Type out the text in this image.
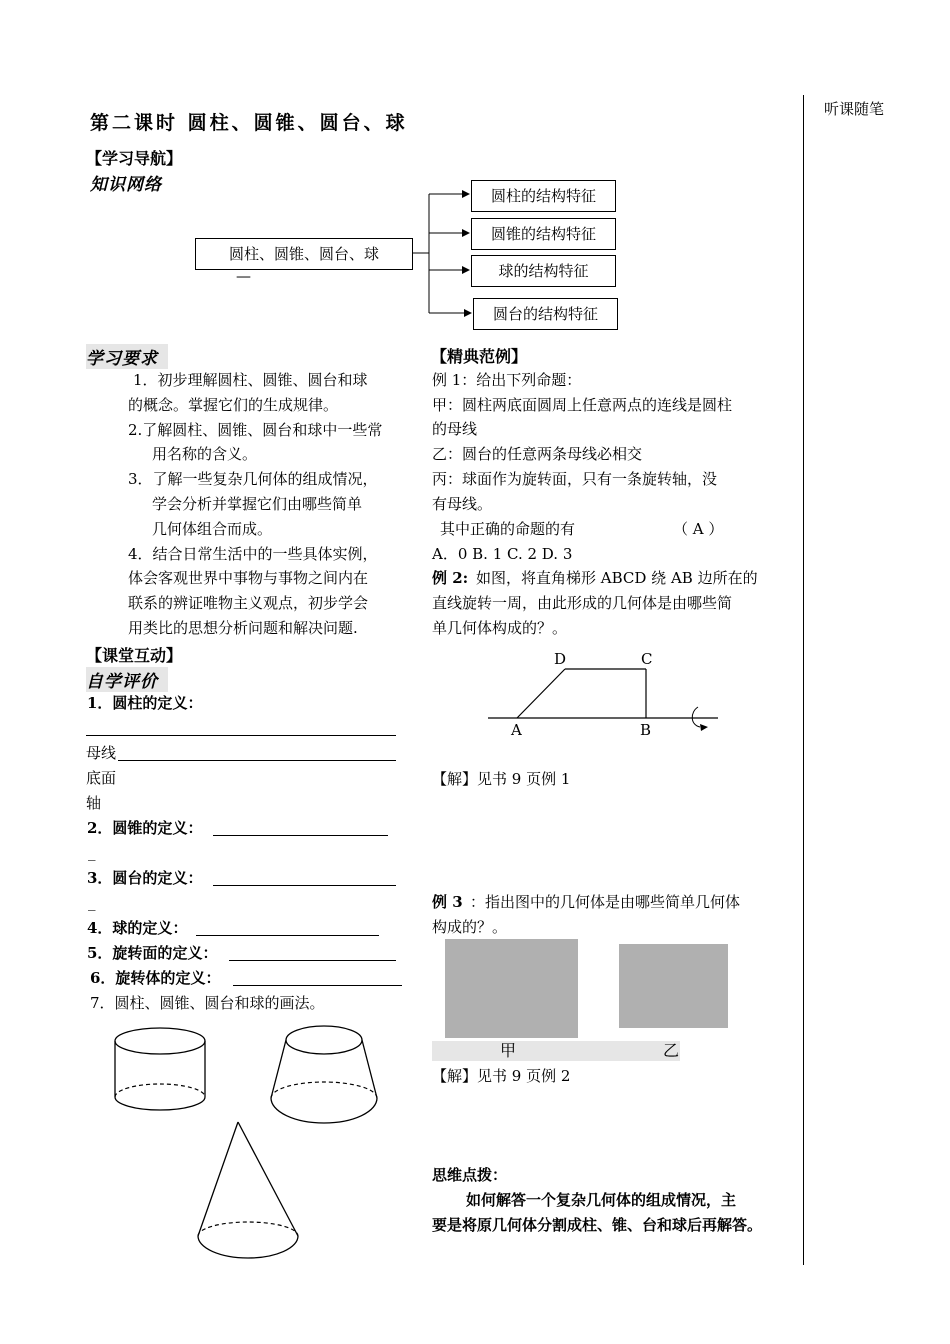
听课随笔
第二课时 圆柱、圆锥、圆台、球
【学习导航】
知识网络
圆柱、圆锥、圆台、球
—
圆柱的结构特征
圆锥的结构特征
球的结构特征
圆台的结构特征
学习要求
1．初步理解圆柱、圆锥、圆台和球
的概念。掌握它们的生成规律。
2.了解圆柱、圆锥、圆台和球中一些常
用名称的含义。
3．了解一些复杂几何体的组成情况，
学会分析并掌握它们由哪些简单
几何体组合而成。
4．结合日常生活中的一些具体实例，
体会客观世界中事物与事物之间内在
联系的辨证唯物主义观点，初步学会
用类比的思想分析问题和解决问题.
【课堂互动】
自学评价
1．圆柱的定义：
母线
底面
轴
2．圆锥的定义：
_
3．圆台的定义：
_
4．球的定义：
5．旋转面的定义：
6．旋转体的定义：
7．圆柱、圆锥、圆台和球的画法。
【精典范例】
例 1：给出下列命题：
甲：圆柱两底面圆周上任意两点的连线是圆柱
的母线
乙：圆台的任意两条母线必相交
丙：球面作为旋转面，只有一条旋转轴，没
有母线。
其中正确的命题的有	（ A ）
A．0 B. 1 C. 2 D. 3
例 2: 如图，将直角梯形 ABCD 绕 AB 边所在的
直线旋转一周，由此形成的几何体是由哪些简
单几何体构成的？。
D	C
A	B
【解】见书 9 页例 1
例 3 ：指出图中的几何体是由哪些简单几何体
构成的？。
甲	乙
【解】见书 9 页例 2
思维点拨：
如何解答一个复杂几何体的组成情况，主
要是将原几何体分割成柱、锥、台和球后再解答。
